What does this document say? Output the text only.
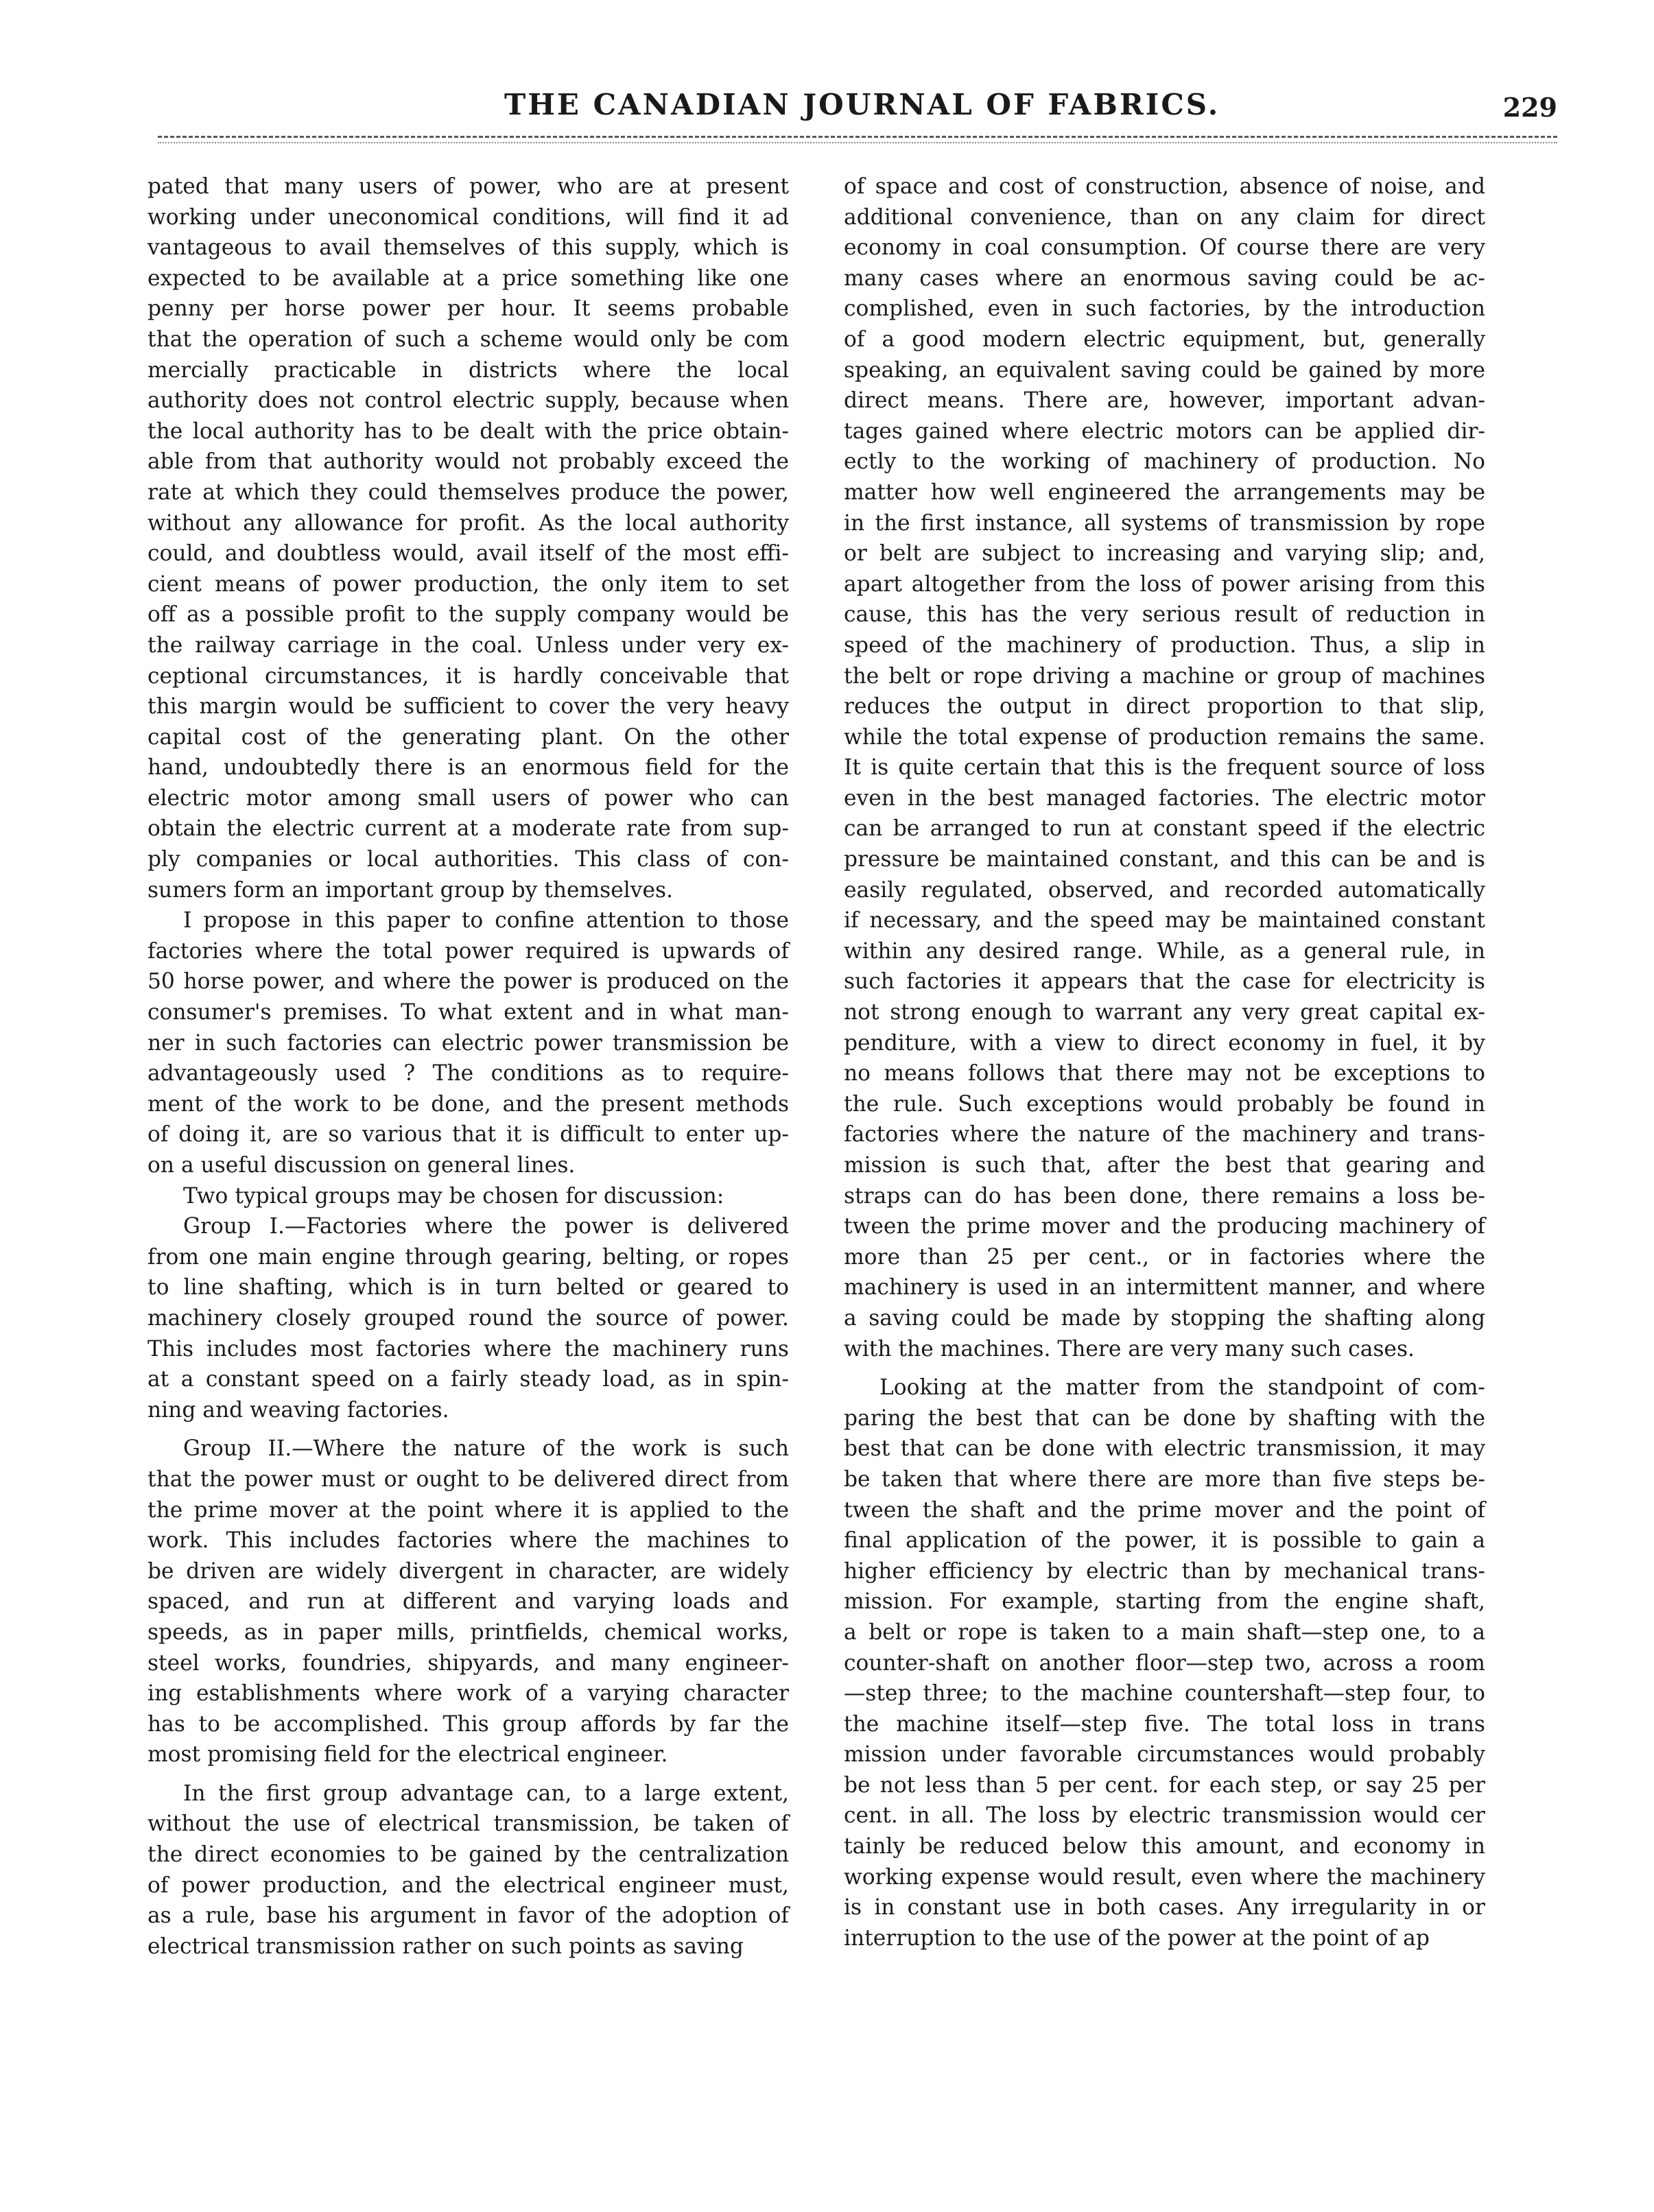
THE CANADIAN JOURNAL OF FABRICS.	229
pated that many users of power, who are at present
working under uneconomical conditions, will find it ad
vantageous to avail themselves of this supply, which is
expected to be available at a price something like one
penny per horse power per hour. It seems probable
that the operation of such a scheme would only be com
mercially practicable in districts where the local
authority does not control electric supply, because when
the local authority has to be dealt with the price obtain-
able from that authority would not probably exceed the
rate at which they could themselves produce the power,
without any allowance for profit. As the local authority
could, and doubtless would, avail itself of the most effi-
cient means of power production, the only item to set
off as a possible profit to the supply company would be
the railway carriage in the coal. Unless under very ex-
ceptional circumstances, it is hardly conceivable that
this margin would be sufficient to cover the very heavy
capital cost of the generating plant. On the other
hand, undoubtedly there is an enormous field for the
electric motor among small users of power who can
obtain the electric current at a moderate rate from sup-
ply companies or local authorities. This class of con-
sumers form an important group by themselves.
I propose in this paper to confine attention to those
factories where the total power required is upwards of
50 horse power, and where the power is produced on the
consumer's premises. To what extent and in what man-
ner in such factories can electric power transmission be
advantageously used ? The conditions as to require-
ment of the work to be done, and the present methods
of doing it, are so various that it is difficult to enter up-
on a useful discussion on general lines.
Two typical groups may be chosen for discussion:
Group I.—Factories where the power is delivered
from one main engine through gearing, belting, or ropes
to line shafting, which is in turn belted or geared to
machinery closely grouped round the source of power.
This includes most factories where the machinery runs
at a constant speed on a fairly steady load, as in spin-
ning and weaving factories.
Group II.—Where the nature of the work is such
that the power must or ought to be delivered direct from
the prime mover at the point where it is applied to the
work. This includes factories where the machines to
be driven are widely divergent in character, are widely
spaced, and run at different and varying loads and
speeds, as in paper mills, printfields, chemical works,
steel works, foundries, shipyards, and many engineer-
ing establishments where work of a varying character
has to be accomplished. This group affords by far the
most promising field for the electrical engineer.
In the first group advantage can, to a large extent,
without the use of electrical transmission, be taken of
the direct economies to be gained by the centralization
of power production, and the electrical engineer must,
as a rule, base his argument in favor of the adoption of
electrical transmission rather on such points as saving
of space and cost of construction, absence of noise, and
additional convenience, than on any claim for direct
economy in coal consumption. Of course there are very
many cases where an enormous saving could be ac-
complished, even in such factories, by the introduction
of a good modern electric equipment, but, generally
speaking, an equivalent saving could be gained by more
direct means. There are, however, important advan-
tages gained where electric motors can be applied dir-
ectly to the working of machinery of production. No
matter how well engineered the arrangements may be
in the first instance, all systems of transmission by rope
or belt are subject to increasing and varying slip; and,
apart altogether from the loss of power arising from this
cause, this has the very serious result of reduction in
speed of the machinery of production. Thus, a slip in
the belt or rope driving a machine or group of machines
reduces the output in direct proportion to that slip,
while the total expense of production remains the same.
It is quite certain that this is the frequent source of loss
even in the best managed factories. The electric motor
can be arranged to run at constant speed if the electric
pressure be maintained constant, and this can be and is
easily regulated, observed, and recorded automatically
if necessary, and the speed may be maintained constant
within any desired range. While, as a general rule, in
such factories it appears that the case for electricity is
not strong enough to warrant any very great capital ex-
penditure, with a view to direct economy in fuel, it by
no means follows that there may not be exceptions to
the rule. Such exceptions would probably be found in
factories where the nature of the machinery and trans-
mission is such that, after the best that gearing and
straps can do has been done, there remains a loss be-
tween the prime mover and the producing machinery of
more than 25 per cent., or in factories where the
machinery is used in an intermittent manner, and where
a saving could be made by stopping the shafting along
with the machines. There are very many such cases.
Looking at the matter from the standpoint of com-
paring the best that can be done by shafting with the
best that can be done with electric transmission, it may
be taken that where there are more than five steps be-
tween the shaft and the prime mover and the point of
final application of the power, it is possible to gain a
higher efficiency by electric than by mechanical trans-
mission. For example, starting from the engine shaft,
a belt or rope is taken to a main shaft—step one, to a
counter-shaft on another floor—step two, across a room
—step three; to the machine countershaft—step four, to
the machine itself—step five. The total loss in trans
mission under favorable circumstances would probably
be not less than 5 per cent. for each step, or say 25 per
cent. in all. The loss by electric transmission would cer
tainly be reduced below this amount, and economy in
working expense would result, even where the machinery
is in constant use in both cases. Any irregularity in or
interruption to the use of the power at the point of ap
